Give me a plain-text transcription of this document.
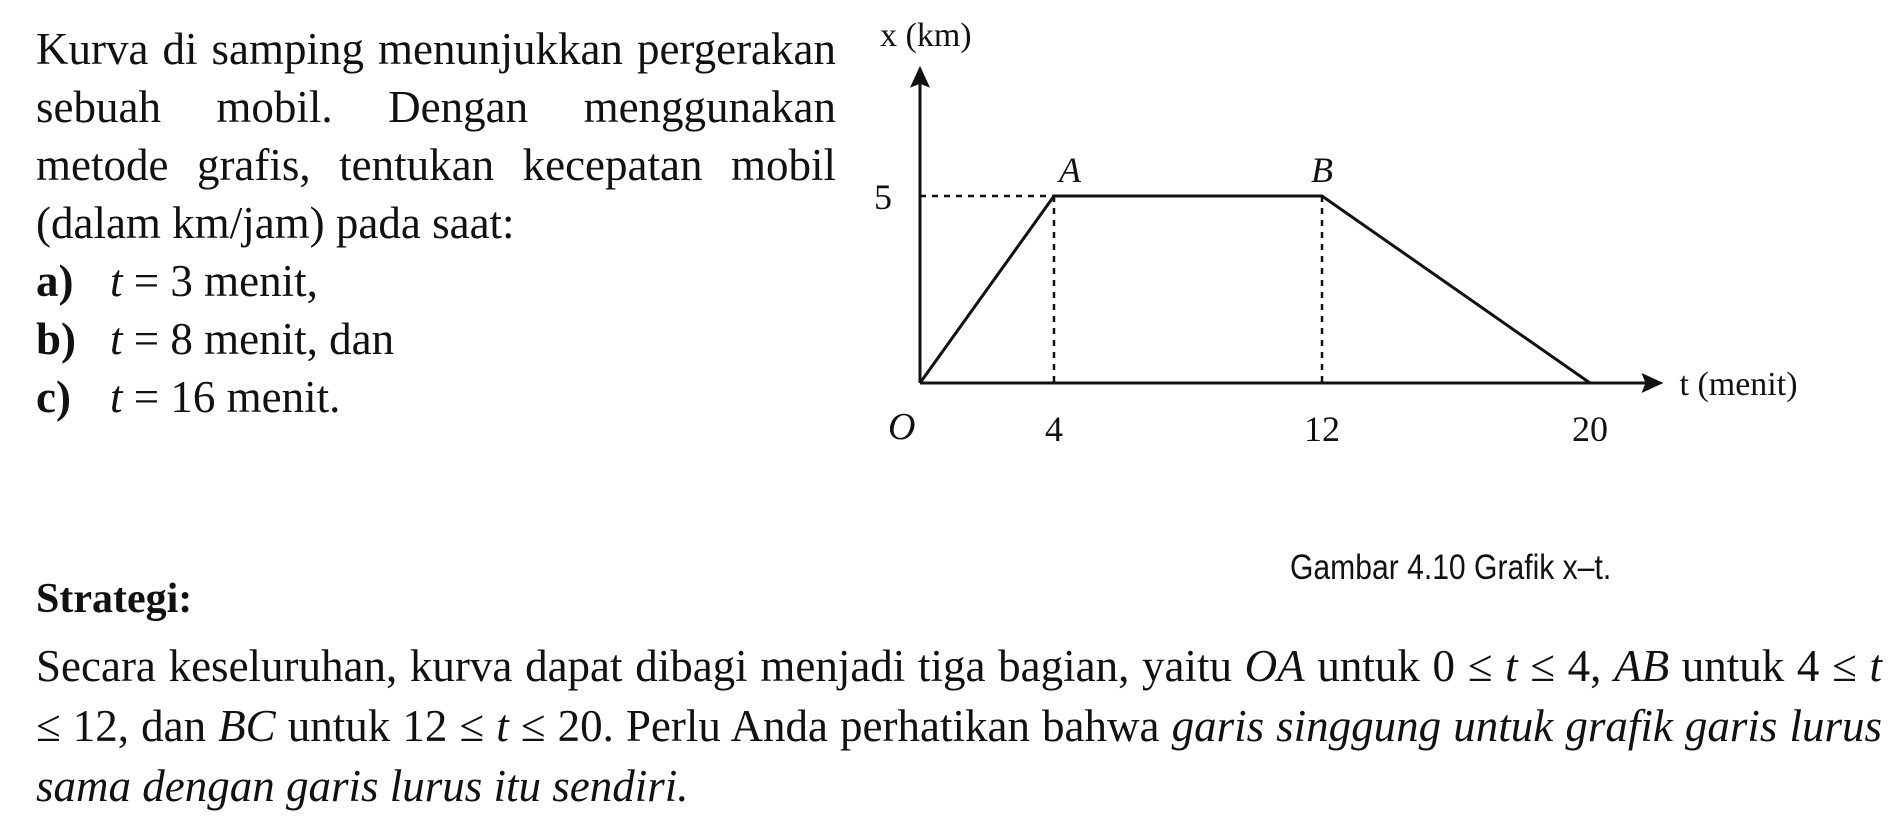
Kurva di samping menunjukkan pergerakan sebuah mobil. Dengan menggunakan metode grafis, tentukan kecepatan mobil (dalam km/jam) pada saat:

a) t
=
3 menit,
b) t
=
8 menit, dan
c) t
=
16 menit.
x (km)
t (menit)
O
5
4	12	20
A	B
Gambar 4.10 Grafik x–t.
Strategi:

Secara keseluruhan, kurva dapat dibagi menjadi tiga bagian, yaitu OA untuk 0 ≤ t ≤ 4, AB untuk 4 ≤ t ≤ 12, dan BC untuk 12 ≤ t ≤ 20. Perlu Anda perhatikan bahwa garis singgung untuk grafik garis lurus sama dengan garis lurus itu sendiri.
